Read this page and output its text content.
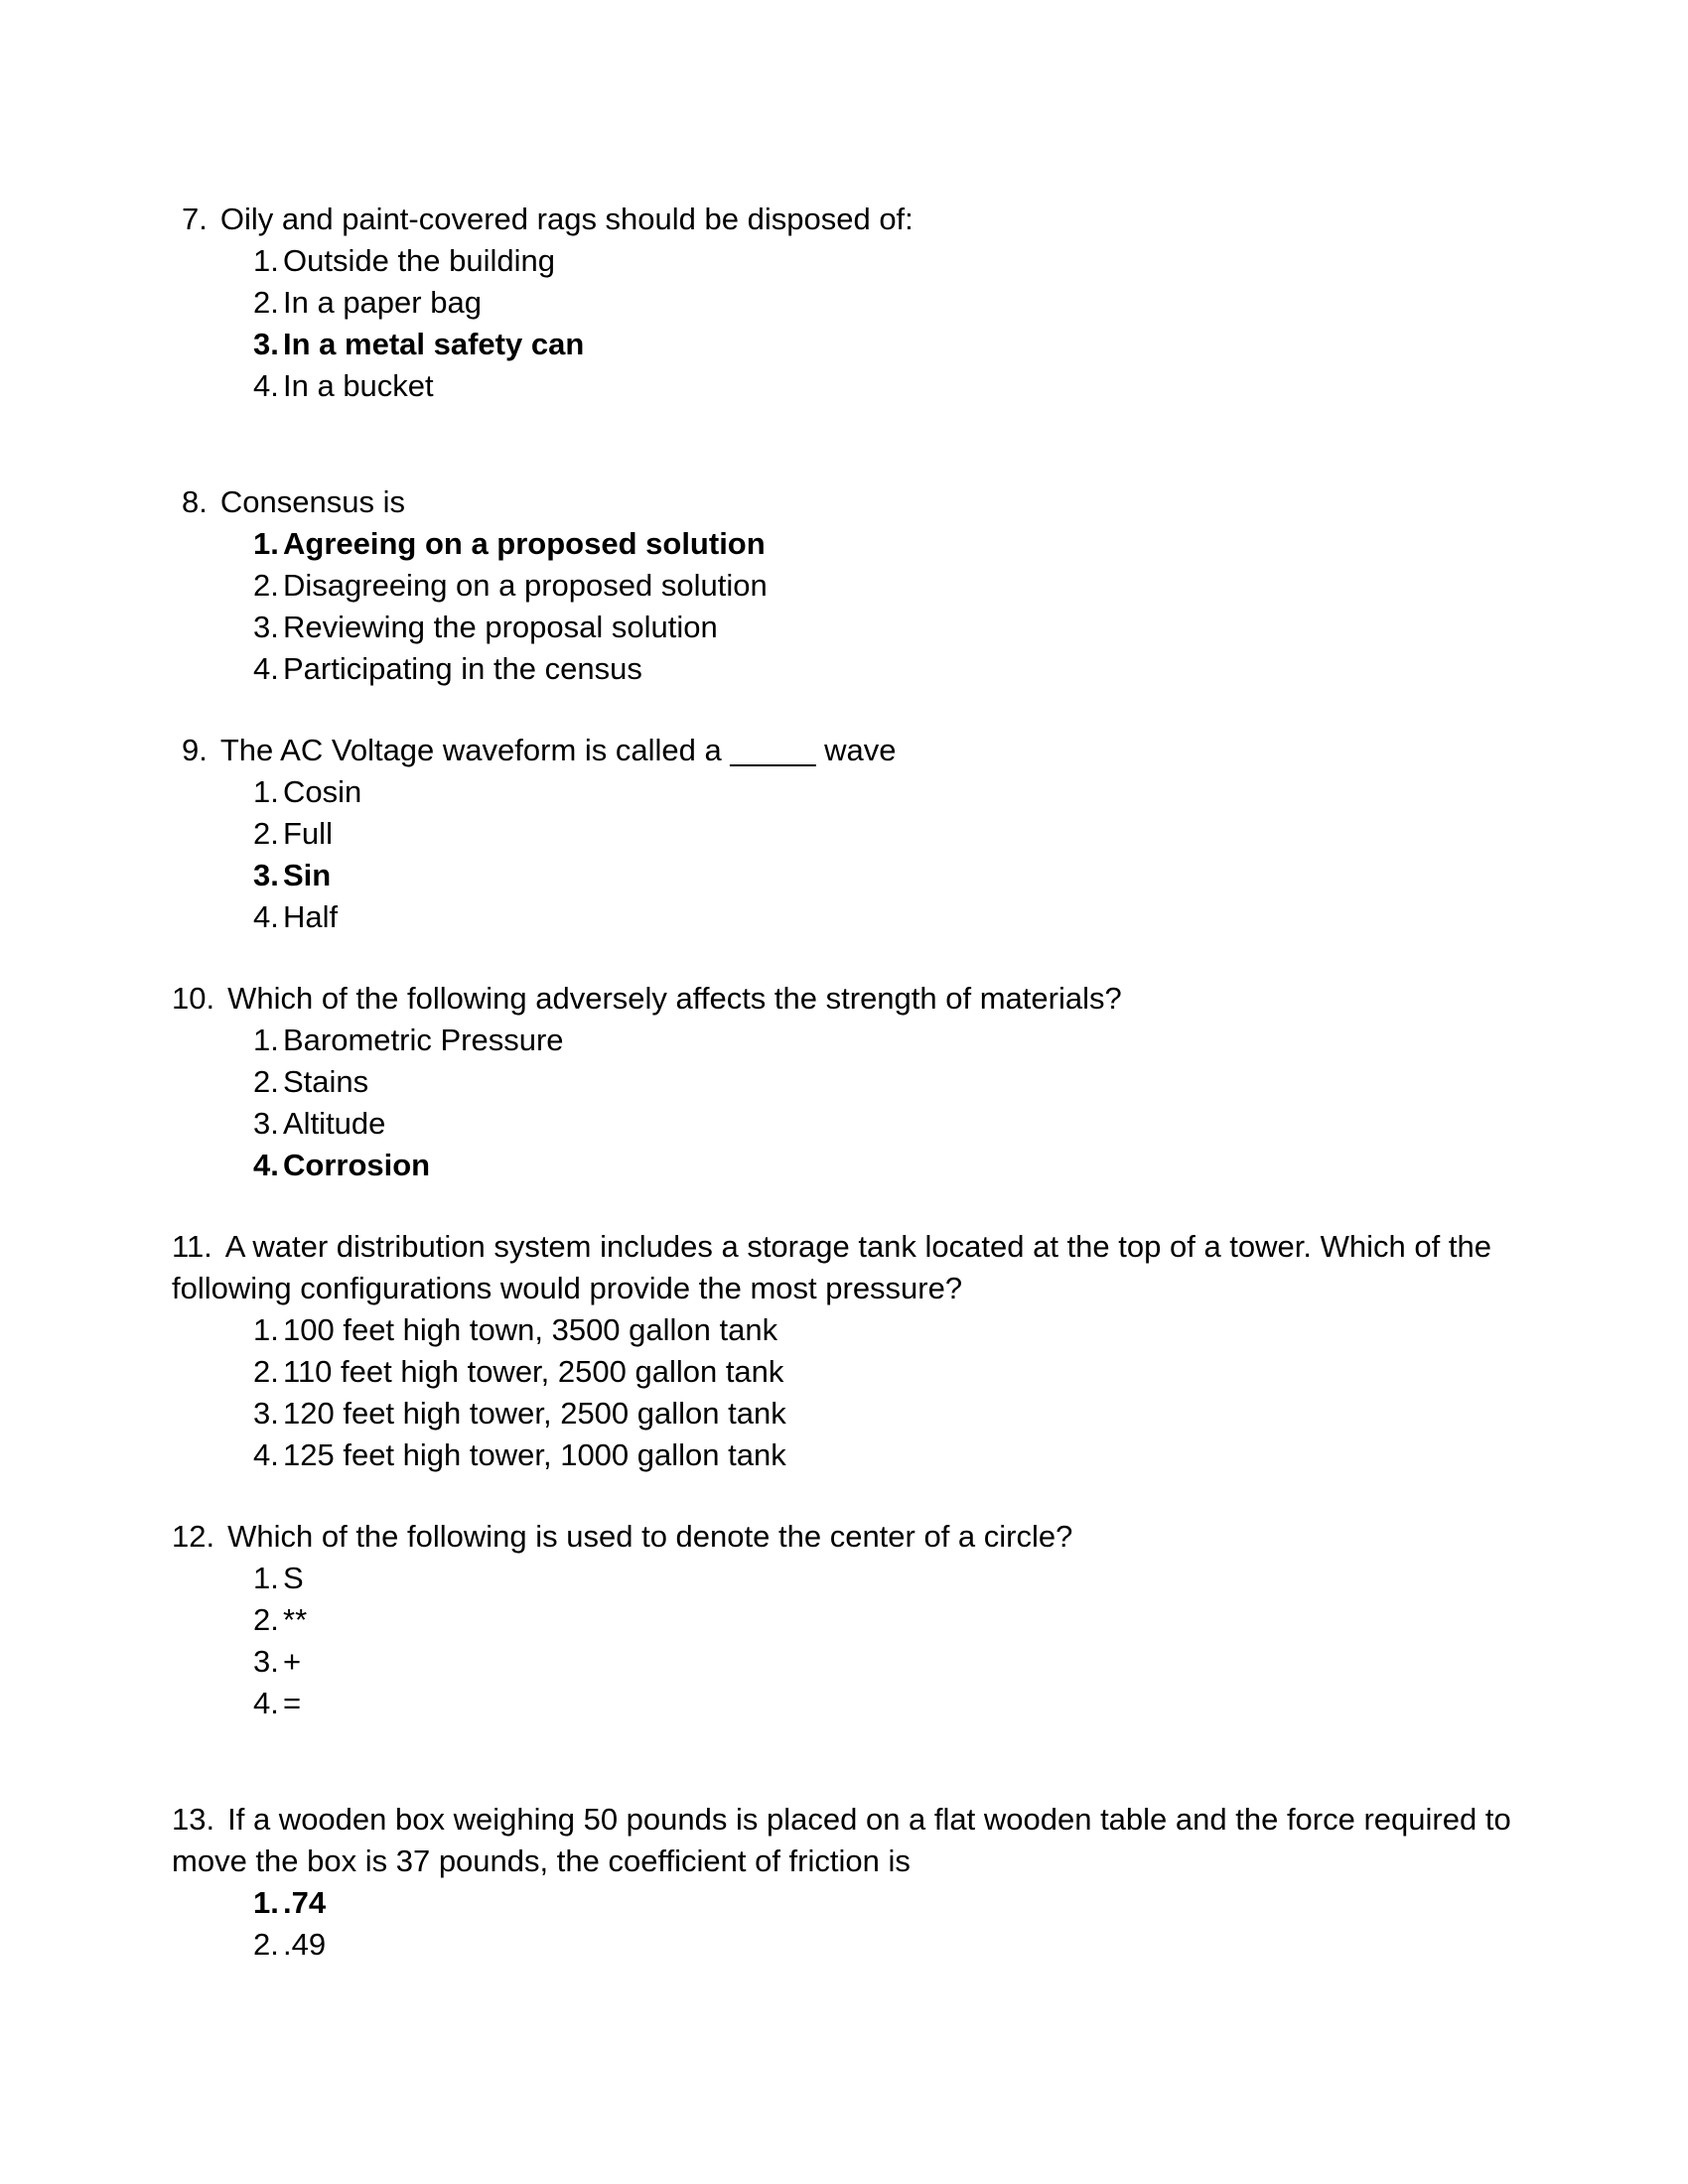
7. Oily and paint-covered rags should be disposed of:

1. Outside the building

2. In a paper bag

3. In a metal safety can

4. In a bucket

8. Consensus is

1. Agreeing on a proposed solution

2. Disagreeing on a proposed solution

3. Reviewing the proposal solution

4. Participating in the census

9. The AC Voltage waveform is called a _____ wave

1. Cosin

2. Full

3. Sin

4. Half

10. Which of the following adversely affects the strength of materials?

1. Barometric Pressure

2. Stains

3. Altitude

4. Corrosion

11. A water distribution system includes a storage tank located at the top of a tower. Which of the following configurations would provide the most pressure?

1. 100 feet high town, 3500 gallon tank

2. 110 feet high tower, 2500 gallon tank

3. 120 feet high tower, 2500 gallon tank

4. 125 feet high tower, 1000 gallon tank

12. Which of the following is used to denote the center of a circle?

1. S

2. **

3. +

4. =

13. If a wooden box weighing 50 pounds is placed on a flat wooden table and the force required to move the box is 37 pounds, the coefficient of friction is

1. .74

2. .49
